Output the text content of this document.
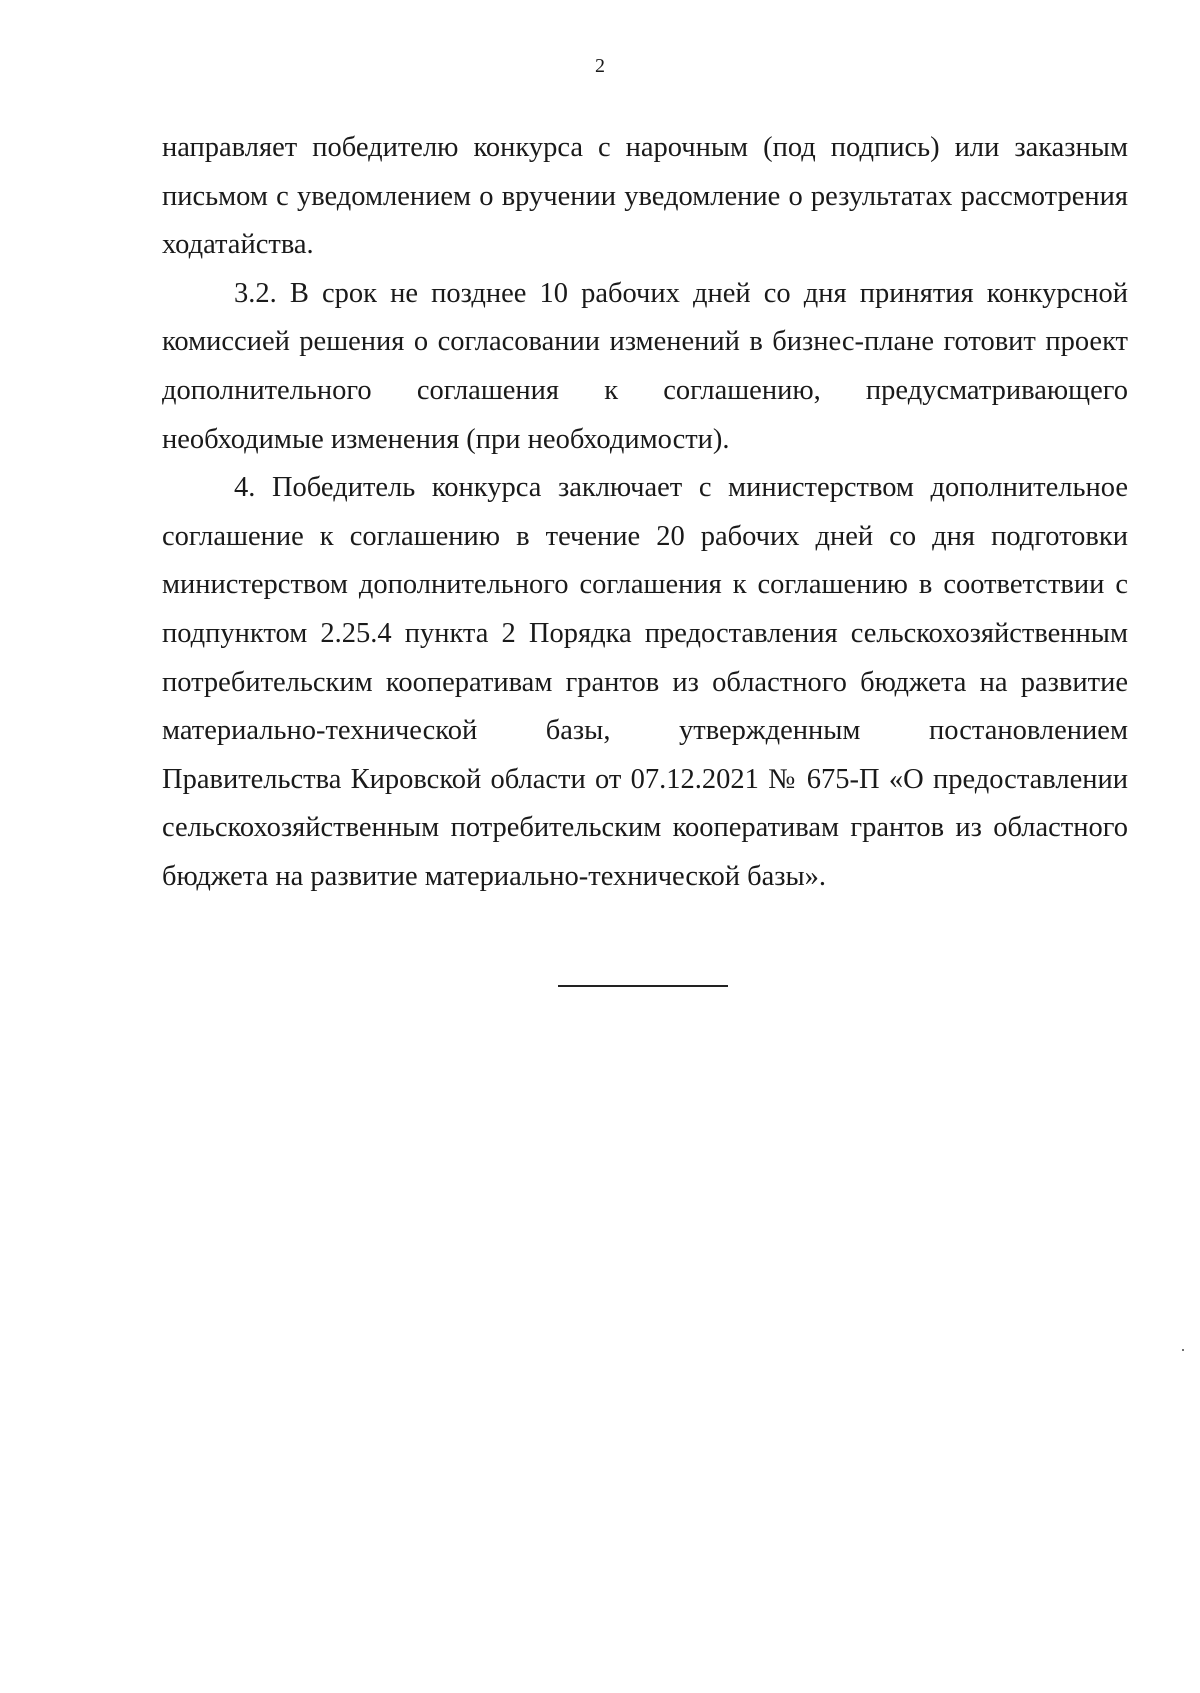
2

направляет победителю конкурса с нарочным (под подпись) или заказным письмом с уведомлением о вручении уведомление о результатах рассмотрения ходатайства.

3.2. В срок не позднее 10 рабочих дней со дня принятия конкурсной комиссией решения о согласовании изменений в бизнес-плане готовит проект дополнительного соглашения к соглашению, предусматривающего необходимые изменения (при необходимости).

4. Победитель конкурса заключает с министерством дополнительное соглашение к соглашению в течение 20 рабочих дней со дня подготовки министерством дополнительного соглашения к соглашению в соответствии с подпунктом 2.25.4 пункта 2 Порядка предоставления сельскохозяйственным потребительским кооперативам грантов из областного бюджета на развитие материально-технической базы, утвержденным постановлением Правительства Кировской области от 07.12.2021 № 675-П «О предоставлении сельскохозяйственным потребительским кооперативам грантов из областного бюджета на развитие материально-технической базы».
